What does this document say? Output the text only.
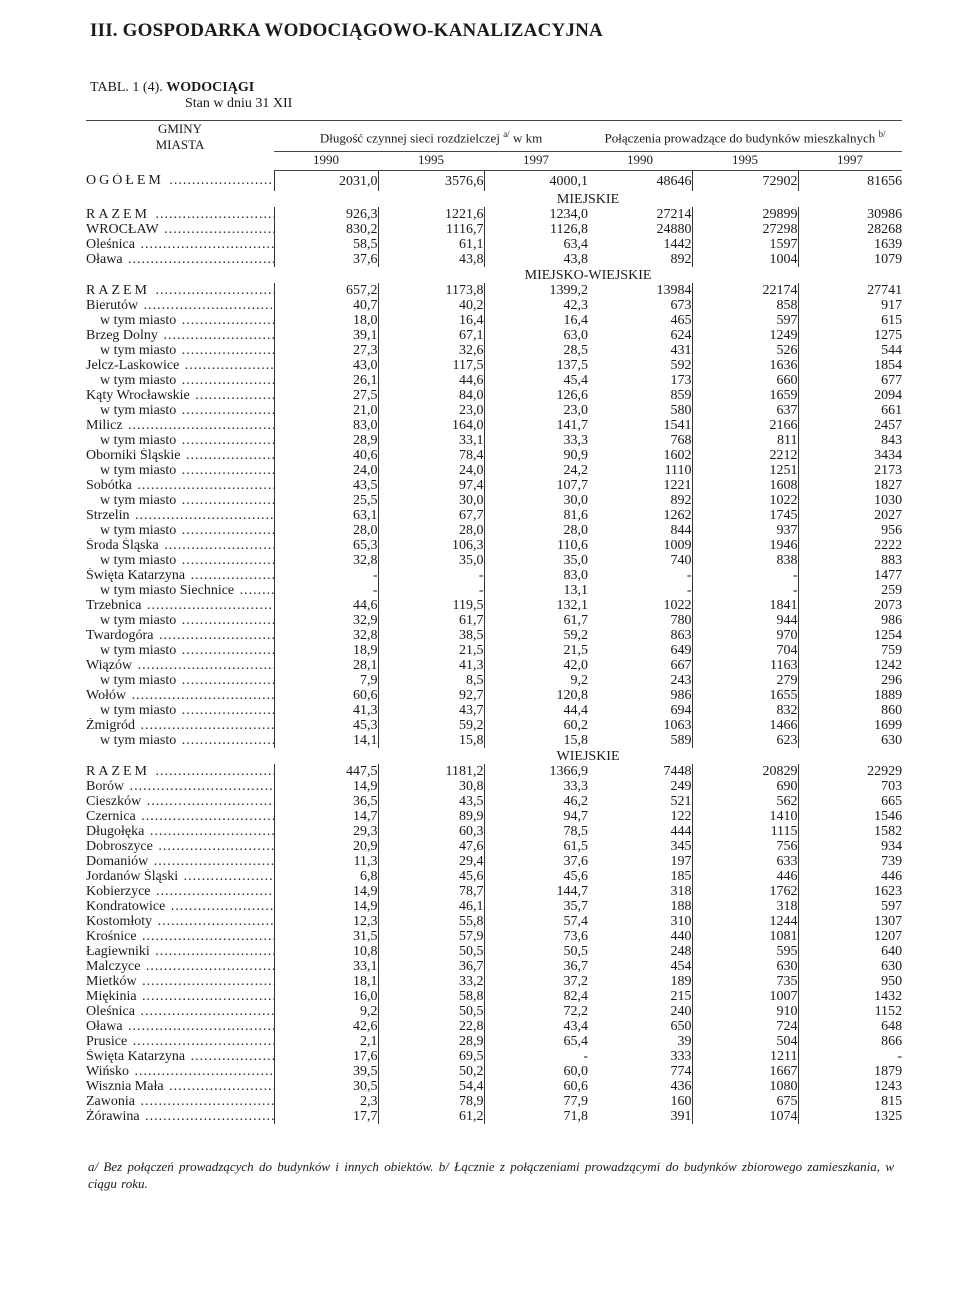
III. GOSPODARKA WODOCIĄGOWO-KANALIZACYJNA
TABL. 1 (4). WODOCIĄGI
Stan w dniu 31 XII
GMINY
MIASTA	Długość czynnej sieci rozdzielczej $^{a/}$ w km			Połączenia prowadzące do budynków mieszkalnych $^{b/}$
	1990	1995	1997	1990	1995	1997

OGÓŁEM .....	2031,0	3576,6	4000,1	48646	72902	81656
	MIEJSKIE					

RAZEM .....	926,3	1221,6	1234,0	27214	29899	30986

WROCŁAW .....	830,2	1116,7	1126,8	24880	27298	28268

Oleśnica .....	58,5	61,1	63,4	1442	1597	1639

Oława .....	37,6	43,8	43,8	892	1004	1079
	MIEJSKO-WIEJSKIE					

RAZEM .....	657,2	1173,8	1399,2	13984	22174	27741

Bierutów .....	40,7	40,2	42,3	673	858	917

w tym miasto .....	18,0	16,4	16,4	465	597	615

Brzeg Dolny .....	39,1	67,1	63,0	624	1249	1275

w tym miasto .....	27,3	32,6	28,5	431	526	544

Jelcz-Laskowice .....	43,0	117,5	137,5	592	1636	1854

w tym miasto .....	26,1	44,6	45,4	173	660	677

Kąty Wrocławskie .....	27,5	84,0	126,6	859	1659	2094

w tym miasto .....	21,0	23,0	23,0	580	637	661

Milicz .....	83,0	164,0	141,7	1541	2166	2457

w tym miasto .....	28,9	33,1	33,3	768	811	843

Oborniki Śląskie .....	40,6	78,4	90,9	1602	2212	3434

w tym miasto .....	24,0	24,0	24,2	1110	1251	2173

Sobótka .....	43,5	97,4	107,7	1221	1608	1827

w tym miasto .....	25,5	30,0	30,0	892	1022	1030

Strzelin .....	63,1	67,7	81,6	1262	1745	2027

w tym miasto .....	28,0	28,0	28,0	844	937	956

Środa Śląska .....	65,3	106,3	110,6	1009	1946	2222

w tym miasto .....	32,8	35,0	35,0	740	838	883

Święta Katarzyna .....	-	-	83,0	-	-	1477

w tym miasto Siechnice .....	-	-	13,1	-	-	259

Trzebnica .....	44,6	119,5	132,1	1022	1841	2073

w tym miasto .....	32,9	61,7	61,7	780	944	986

Twardogóra .....	32,8	38,5	59,2	863	970	1254

w tym miasto .....	18,9	21,5	21,5	649	704	759

Wiązów .....	28,1	41,3	42,0	667	1163	1242

w tym miasto .....	7,9	8,5	9,2	243	279	296

Wołów .....	60,6	92,7	120,8	986	1655	1889

w tym miasto .....	41,3	43,7	44,4	694	832	860

Żmigród .....	45,3	59,2	60,2	1063	1466	1699

w tym miasto .....	14,1	15,8	15,8	589	623	630
	WIEJSKIE					

RAZEM .....	447,5	1181,2	1366,9	7448	20829	22929

Borów .....	14,9	30,8	33,3	249	690	703

Cieszków .....	36,5	43,5	46,2	521	562	665

Czernica .....	14,7	89,9	94,7	122	1410	1546

Długołęka .....	29,3	60,3	78,5	444	1115	1582

Dobroszyce .....	20,9	47,6	61,5	345	756	934

Domaniów .....	11,3	29,4	37,6	197	633	739

Jordanów Śląski .....	6,8	45,6	45,6	185	446	446

Kobierzyce .....	14,9	78,7	144,7	318	1762	1623

Kondratowice .....	14,9	46,1	35,7	188	318	597

Kostomłoty .....	12,3	55,8	57,4	310	1244	1307

Krośnice .....	31,5	57,9	73,6	440	1081	1207

Łagiewniki .....	10,8	50,5	50,5	248	595	640

Malczyce .....	33,1	36,7	36,7	454	630	630

Mietków .....	18,1	33,2	37,2	189	735	950

Miękinia .....	16,0	58,8	82,4	215	1007	1432

Oleśnica .....	9,2	50,5	72,2	240	910	1152

Oława .....	42,6	22,8	43,4	650	724	648

Prusice .....	2,1	28,9	65,4	39	504	866

Święta Katarzyna .....	17,6	69,5	-	333	1211	-

Wińsko .....	39,5	50,2	60,0	774	1667	1879

Wisznia Mała .....	30,5	54,4	60,6	436	1080	1243

Zawonia .....	2,3	78,9	77,9	160	675	815

Żórawina .....	17,7	61,2	71,8	391	1074	1325
a/ Bez połączeń prowadzących do budynków i innych obiektów. b/ Łącznie z połączeniami prowadzącymi do budynków zbiorowego zamieszkania, w ciągu roku.
